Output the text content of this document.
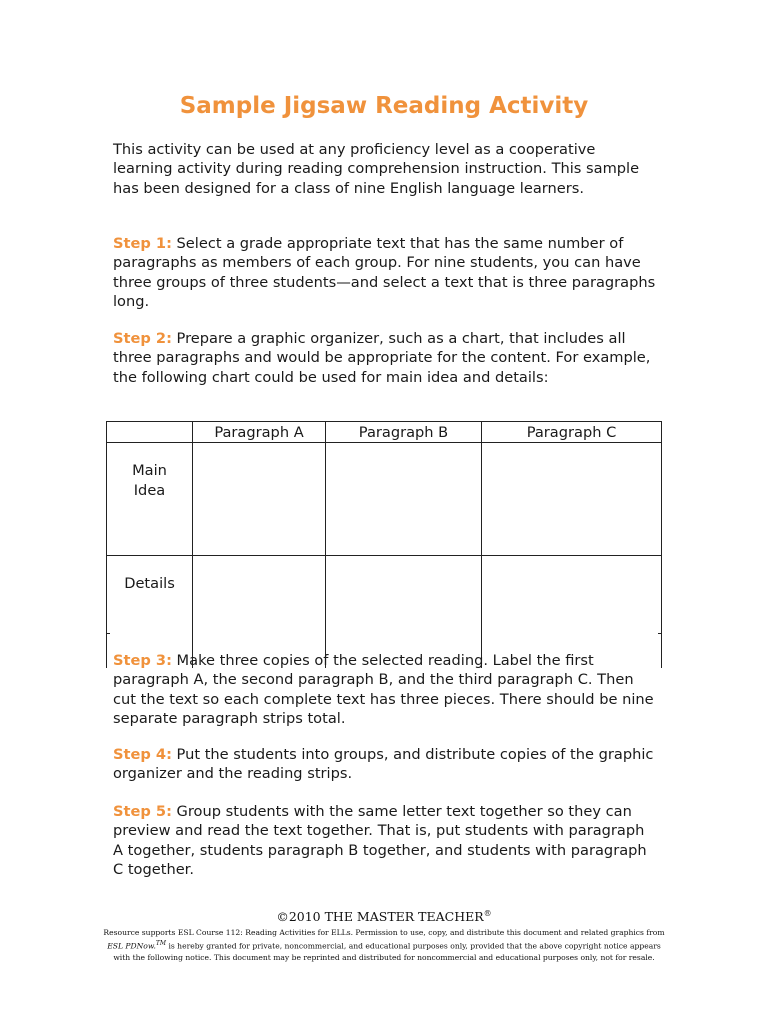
Sample Jigsaw Reading Activity

This activity can be used at any proficiency level as a cooperative learning activity during reading comprehension instruction. This sample has been designed for a class of nine English language learners.

Step 1: Select a grade appropriate text that has the same number of paragraphs as members of each group. For nine students, you can have three groups of three students—and select a text that is three paragraphs long.

Step 2: Prepare a graphic organizer, such as a chart, that includes all three paragraphs and would be appropriate for the content. For example, the following chart could be used for main idea and details:

	Paragraph A	Paragraph B	Paragraph C
Main Idea			
Details			

Step 3: Make three copies of the selected reading. Label the first paragraph A, the second paragraph B, and the third paragraph C. Then cut the text so each complete text has three pieces. There should be nine separate paragraph strips total.

Step 4: Put the students into groups, and distribute copies of the graphic organizer and the reading strips.

Step 5: Group students with the same letter text together so they can preview and read the text together. That is, put students with paragraph A together, students paragraph B together, and students with paragraph C together.

©2010 THE MASTER TEACHER®
Resource supports ESL Course 112: Reading Activities for ELLs. Permission to use, copy, and distribute this document and related graphics from ESL PDNow.™ is hereby granted for private, noncommercial, and educational purposes only, provided that the above copyright notice appears with the following notice. This document may be reprinted and distributed for noncommercial and educational purposes only, not for resale.
